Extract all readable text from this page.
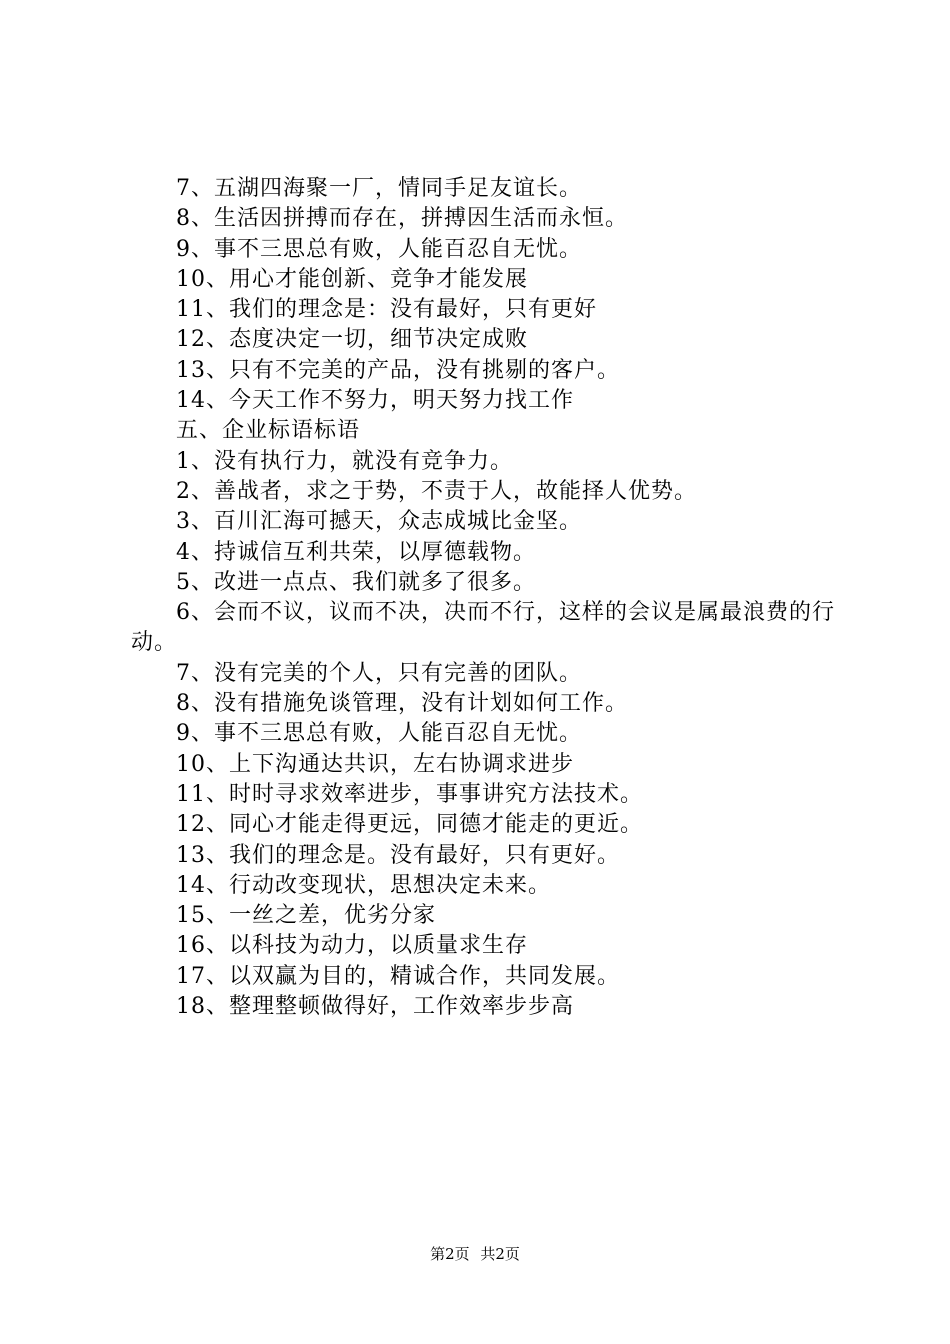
7、五湖四海聚一厂，情同手足友谊长。
8、生活因拼搏而存在，拼搏因生活而永恒。
9、事不三思总有败，人能百忍自无忧。
10、用心才能创新、竞争才能发展
11、我们的理念是：没有最好，只有更好
12、态度决定一切，细节决定成败
13、只有不完美的产品，没有挑剔的客户。
14、今天工作不努力，明天努力找工作
五、企业标语标语
1、没有执行力，就没有竞争力。
2、善战者，求之于势，不责于人，故能择人优势。
3、百川汇海可撼天，众志成城比金坚。
4、持诚信互利共荣，以厚德载物。
5、改进一点点、我们就多了很多。
6、会而不议，议而不决，决而不行，这样的会议是属最浪费的行动。
7、没有完美的个人，只有完善的团队。
8、没有措施免谈管理，没有计划如何工作。
9、事不三思总有败，人能百忍自无忧。
10、上下沟通达共识，左右协调求进步
11、时时寻求效率进步，事事讲究方法技术。
12、同心才能走得更远，同德才能走的更近。
13、我们的理念是。没有最好，只有更好。
14、行动改变现状，思想决定未来。
15、一丝之差，优劣分家
16、以科技为动力，以质量求生存
17、以双赢为目的，精诚合作，共同发展。
18、整理整顿做得好，工作效率步步高
第2页 共2页
